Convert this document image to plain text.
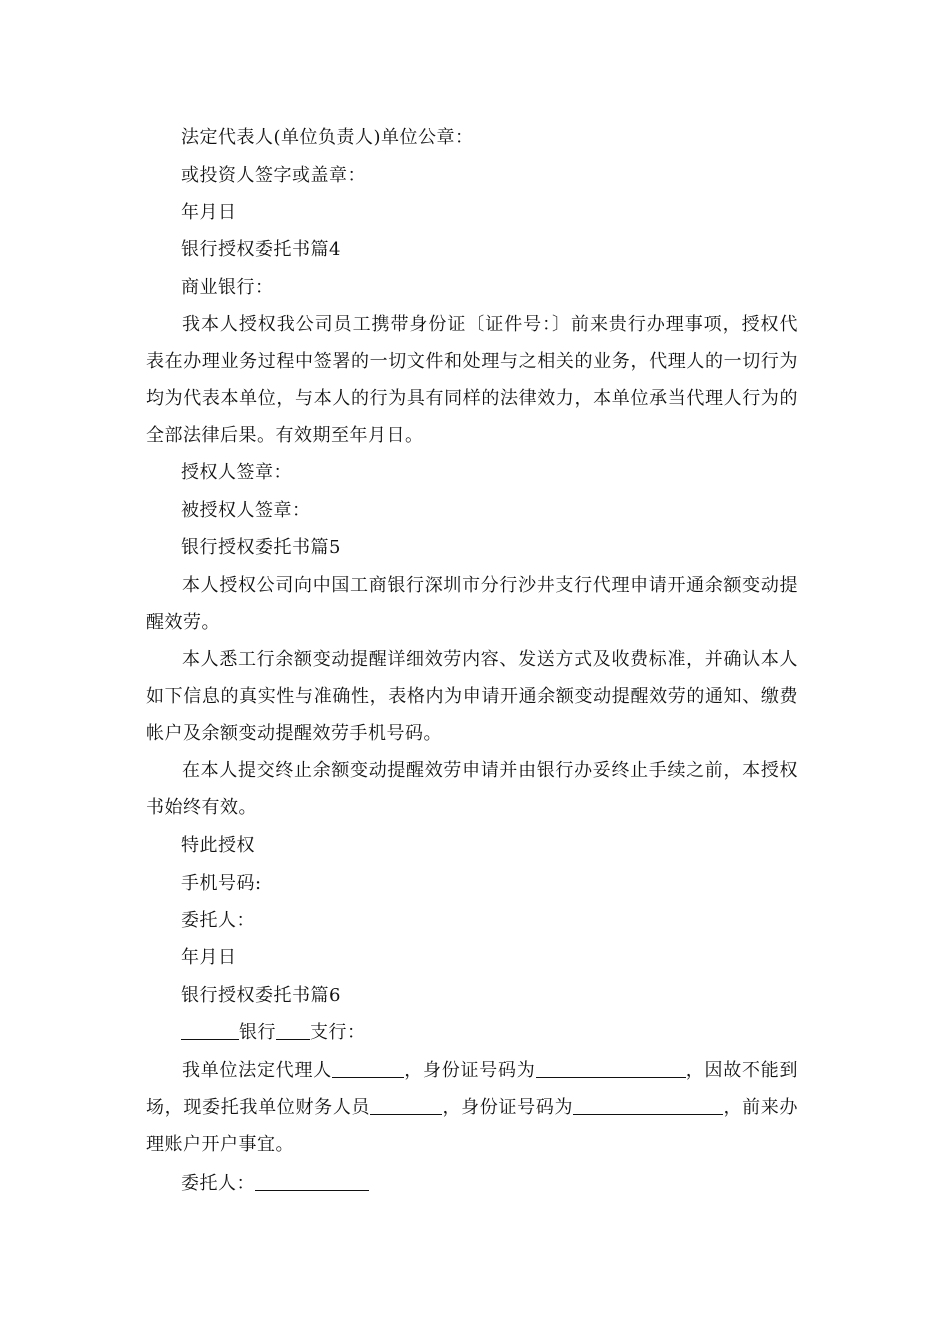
法定代表人(单位负责人)单位公章：
或投资人签字或盖章：
年月日
银行授权委托书篇4
商业银行：
我本人授权我公司员工携带身份证〔证件号：〕前来贵行办理事项，授权代表在办理业务过程中签署的一切文件和处理与之相关的业务，代理人的一切行为均为代表本单位，与本人的行为具有同样的法律效力，本单位承当代理人行为的全部法律后果。有效期至年月日。
授权人签章：
被授权人签章：
银行授权委托书篇5
本人授权公司向中国工商银行深圳市分行沙井支行代理申请开通余额变动提醒效劳。
本人悉工行余额变动提醒详细效劳内容、发送方式及收费标准，并确认本人如下信息的真实性与准确性，表格内为申请开通余额变动提醒效劳的通知、缴费帐户及余额变动提醒效劳手机号码。
在本人提交终止余额变动提醒效劳申请并由银行办妥终止手续之前，本授权书始终有效。
特此授权
手机号码:
委托人：
年月日
银行授权委托书篇6
银行 支行：
我单位法定代理人	，身份证号码为	，因故不能到场，现委托我单位财务人员	，身份证号码为	，前来办理账户开户事宜。
委托人：
